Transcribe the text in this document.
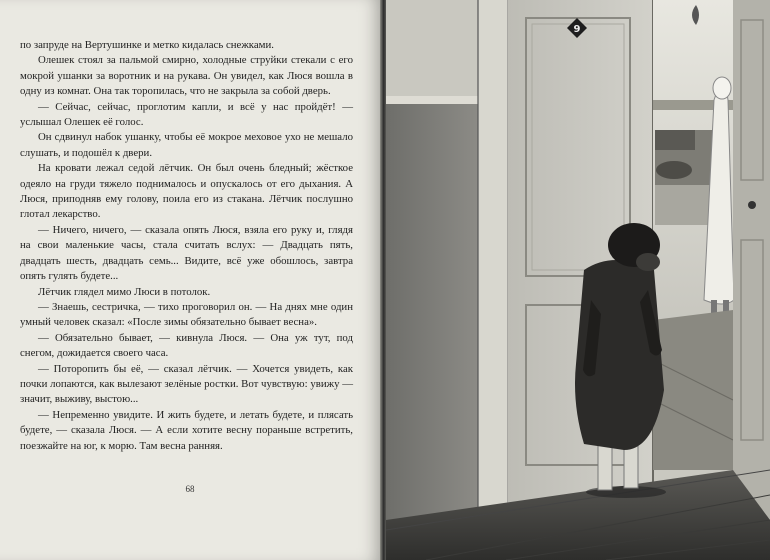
по запруде на Вертушинке и метко кидалась снежками.

Олешек стоял за пальмой смирно, холодные струйки стекали с его мокрой ушанки за воротник и на рукава. Он увидел, как Люся вошла в одну из комнат. Она так торопилась, что не закрыла за собой дверь.

— Сейчас, сейчас, проглотим капли, и всё у нас пройдёт! — услышал Олешек её голос.

Он сдвинул набок ушанку, чтобы её мокрое меховое ухо не мешало слушать, и подошёл к двери.

На кровати лежал седой лётчик. Он был очень бледный; жёсткое одеяло на груди тяжело поднималось и опускалось от его дыхания. А Люся, приподняв ему голову, поила его из стакана. Лётчик послушно глотал лекарство.

— Ничего, ничего, — сказала опять Люся, взяла его руку и, глядя на свои маленькие часы, стала считать вслух: — Двадцать пять, двадцать шесть, двадцать семь... Видите, всё уже обошлось, завтра опять гулять будете...

Лётчик глядел мимо Люси в потолок.

— Знаешь, сестричка, — тихо проговорил он. — На днях мне один умный человек сказал: «После зимы обязательно бывает весна».

— Обязательно бывает, — кивнула Люся. — Она уж тут, под снегом, дожидается своего часа.

— Поторопить бы её, — сказал лётчик. — Хочется увидеть, как почки лопаются, как вылезают зелёные ростки. Вот чувствую: увижу — значит, выживу, выстою...

— Непременно увидите. И жить будете, и летать будете, и плясать будете, — сказала Люся. — А если хотите весну пораньше встретить, поезжайте на юг, к морю. Там весна ранняя.

68
9
